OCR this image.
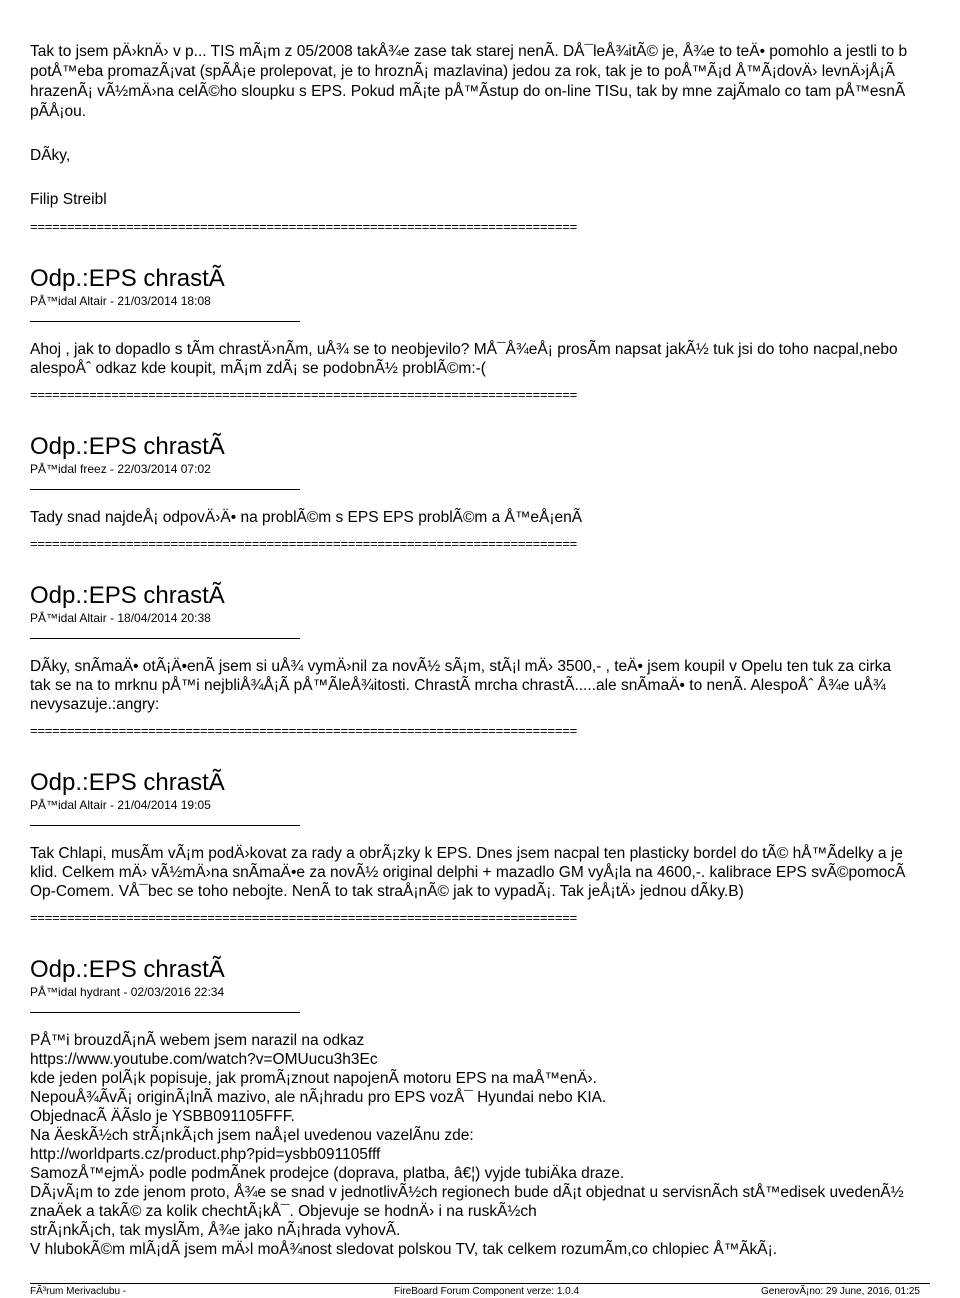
Tak to jsem pÄ›knÄ› v p... TIS mÃ¡m z 05/2008 takÅ¾e zase tak starej nenÃ. DÅ¯leÅ¾itÃ© je, Å¾e to teÄ• pomohlo a jestli to b
potÅ™eba promazÃ¡vat (spÃÅ¡e prolepovat, je to hroznÃ¡ mazlavina) jedou za rok, tak je to poÅ™Ã¡d Å™Ã¡dovÄ› levnÄ›jÅ¡Ã
hrazenÃ¡ vÃ½mÄ›na celÃ©ho sloupku s EPS. Pokud mÃ¡te pÅ™Ãstup do on-line TISu, tak by mne zajÃmalo co tam pÅ™esnÃ
pÃÅ¡ou.
DÃky,
Filip Streibl
==========================================================================
Odp.:EPS chrastÃ
PÅ™idal Altair - 21/03/2014 18:08
Ahoj , jak to dopadlo s tÃm chrastÄ›nÃm, uÅ¾ se to neobjevilo? MÅ¯Å¾eÅ¡ prosÃm napsat jakÃ½ tuk jsi do toho nacpal,nebo
alespoÅˆ odkaz kde koupit, mÃ¡m zdÃ¡ se podobnÃ½ problÃ©m:-(
==========================================================================
Odp.:EPS chrastÃ
PÅ™idal freez - 22/03/2014 07:02
Tady snad najdeÅ¡ odpovÄ›Ä• na problÃ©m s EPS EPS problÃ©m a Å™eÅ¡enÃ
==========================================================================
Odp.:EPS chrastÃ
PÅ™idal Altair - 18/04/2014 20:38
DÃky, snÃmaÄ• otÃ¡Ä•enÃ jsem si uÅ¾ vymÄ›nil za novÃ½ sÃ¡m, stÃ¡l mÄ› 3500,- , teÄ• jsem koupil v Opelu ten tuk za cirka
tak se na to mrknu pÅ™i nejbliÅ¾Å¡Ã pÅ™ÃleÅ¾itosti. ChrastÃ mrcha chrastÃ.....ale snÃmaÄ• to nenÃ. AlespoÅˆ Å¾e uÅ¾
nevysazuje.:angry:
==========================================================================
Odp.:EPS chrastÃ
PÅ™idal Altair - 21/04/2014 19:05
Tak Chlapi, musÃm vÃ¡m podÄ›kovat za rady a obrÃ¡zky k EPS. Dnes jsem nacpal ten plasticky bordel do tÃ© hÅ™Ãdelky a je
klid. Celkem mÄ› vÃ½mÄ›na snÃmaÄ•e za novÃ½ original delphi + mazadlo GM vyÅ¡la na 4600,-. kalibrace EPS svÃ©pomocÃ
Op-Comem. VÅ¯bec se toho nebojte. NenÃ to tak straÅ¡nÃ© jak to vypadÃ¡. Tak jeÅ¡tÄ› jednou dÃky.B)
==========================================================================
Odp.:EPS chrastÃ
PÅ™idal hydrant - 02/03/2016 22:34
PÅ™i brouzdÃ¡nÃ webem jsem narazil na odkaz
https://www.youtube.com/watch?v=OMUucu3h3Ec
kde jeden polÃ¡k popisuje, jak promÃ¡znout napojenÃ motoru EPS na maÅ™enÄ›.
NepouÅ¾ÃvÃ¡ originÃ¡lnÃ mazivo, ale nÃ¡hradu pro EPS vozÅ¯ Hyundai nebo KIA.
ObjednacÃ ÄÃslo je YSBB091105FFF.
Na ÄeskÃ½ch strÃ¡nkÃ¡ch jsem naÅ¡el uvedenou vazelÃnu zde:
http://worldparts.cz/product.php?pid=ysbb091105fff
SamozÅ™ejmÄ› podle podmÃnek prodejce (doprava, platba, â€¦) vyjde tubiÄka draze.
DÃ¡vÃ¡m to zde jenom proto, Å¾e se snad v jednotlivÃ½ch regionech bude dÃ¡t objednat u servisnÃch stÅ™edisek uvedenÃ½
znaÄek a takÃ© za kolik chechtÃ¡kÅ¯. Objevuje se hodnÄ› i na ruskÃ½ch
strÃ¡nkÃ¡ch, tak myslÃm, Å¾e jako nÃ¡hrada vyhovÃ.
V hlubokÃ©m mlÃ¡dÃ jsem mÄ›l moÅ¾nost sledovat polskou TV, tak celkem rozumÃm,co chlopiec Å™ÃkÃ¡.
FÃ³rum Merivaclubu -	FireBoard Forum Component verze: 1.0.4	GenerovÃ¡no: 29 June, 2016, 01:25
